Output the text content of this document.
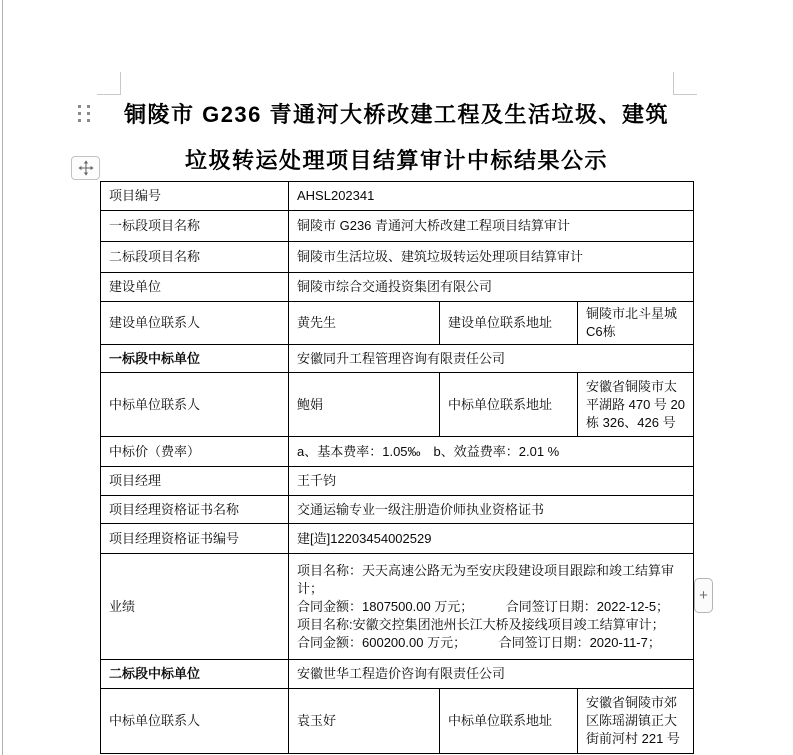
铜陵市 G236 青通河大桥改建工程及生活垃圾、建筑
垃圾转运处理项目结算审计中标结果公示
项目编号	AHSL202341		
一标段项目名称	铜陵市 G236 青通河大桥改建工程项目结算审计		
二标段项目名称	铜陵市生活垃圾、建筑垃圾转运处理项目结算审计		
建设单位	铜陵市综合交通投资集团有限公司		
建设单位联系人	黄先生	建设单位联系地址	铜陵市北斗星城C6栋
一标段中标单位	安徽同升工程管理咨询有限责任公司		
中标单位联系人	鲍娟	中标单位联系地址	安徽省铜陵市太平湖路 470 号 20 栋 326、426 号
中标价（费率）	a、基本费率：1.05‰ b、效益费率：2.01 %		
项目经理	王千钧		
项目经理资格证书名称	交通运输专业一级注册造价师执业资格证书		
项目经理资格证书编号	建[造]12203454002529		
业绩	项目名称：天天高速公路无为至安庆段建设项目跟踪和竣工结算审计；
合同金额：1807500.00 万元；   合同签订日期：2022-12-5；
项目名称:安徽交控集团池州长江大桥及接线项目竣工结算审计；
合同金额：600200.00 万元；   合同签订日期：2020-11-7；		

二标段中标单位	安徽世华工程造价咨询有限责任公司		
中标单位联系人	袁玉好	中标单位联系地址	安徽省铜陵市郊区陈瑶湖镇正大街前河村 221 号
+
